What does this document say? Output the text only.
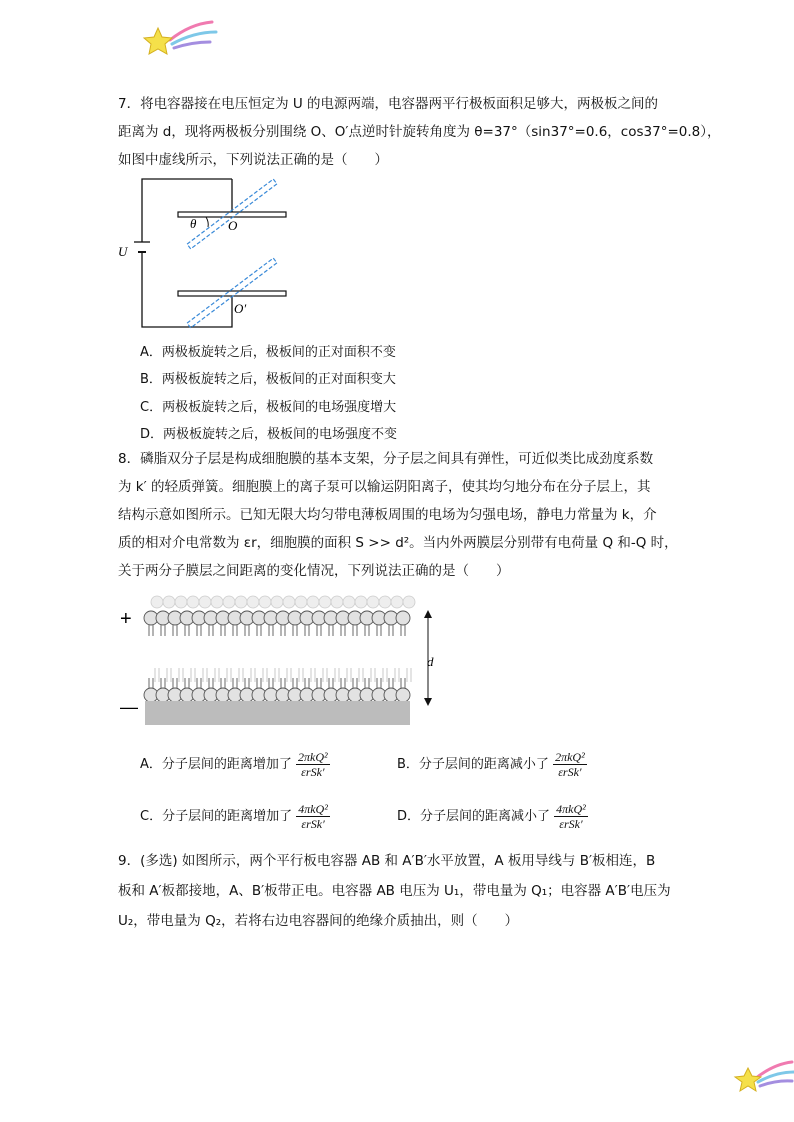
7．将电容器接在电压恒定为 U 的电源两端，电容器两平行极板面积足够大，两极板之间的
距离为 d，现将两极板分别围绕 O、O′点逆时针旋转角度为 θ=37°（sin37°=0.6，cos37°=0.8），
如图中虚线所示，下列说法正确的是（　　）
θ O
O′
U
A．两极板旋转之后，极板间的正对面积不变
B．两极板旋转之后，极板间的正对面积变大
C．两极板旋转之后，极板间的电场强度增大
D．两极板旋转之后，极板间的电场强度不变
8．磷脂双分子层是构成细胞膜的基本支架，分子层之间具有弹性，可近似类比成劲度系数
为 k′ 的轻质弹簧。细胞膜上的离子泵可以输运阴阳离子，使其均匀地分布在分子层上，其
结构示意如图所示。已知无限大均匀带电薄板周围的电场为匀强电场，静电力常量为 k，介
质的相对介电常数为 εr，细胞膜的面积 S >> d²。当内外两膜层分别带有电荷量 Q 和-Q 时，
关于两分子膜层之间距离的变化情况，下列说法正确的是（　　）
+
—
d
A．分子层间的距离增加了 $\frac{\text{2πkQ²}}{\text{εrSk′}}$	B．分子层间的距离减小了 $\frac{\text{2πkQ²}}{\text{εrSk′}}$
C．分子层间的距离增加了 $\frac{\text{4πkQ²}}{\text{εrSk′}}$	D．分子层间的距离减小了 $\frac{\text{4πkQ²}}{\text{εrSk′}}$
9．(多选) 如图所示，两个平行板电容器 AB 和 A′B′水平放置，A 板用导线与 B′板相连，B
板和 A′板都接地，A、B′板带正电。电容器 AB 电压为 U₁，带电量为 Q₁；电容器 A′B′电压为
U₂，带电量为 Q₂，若将右边电容器间的绝缘介质抽出，则（　　）
